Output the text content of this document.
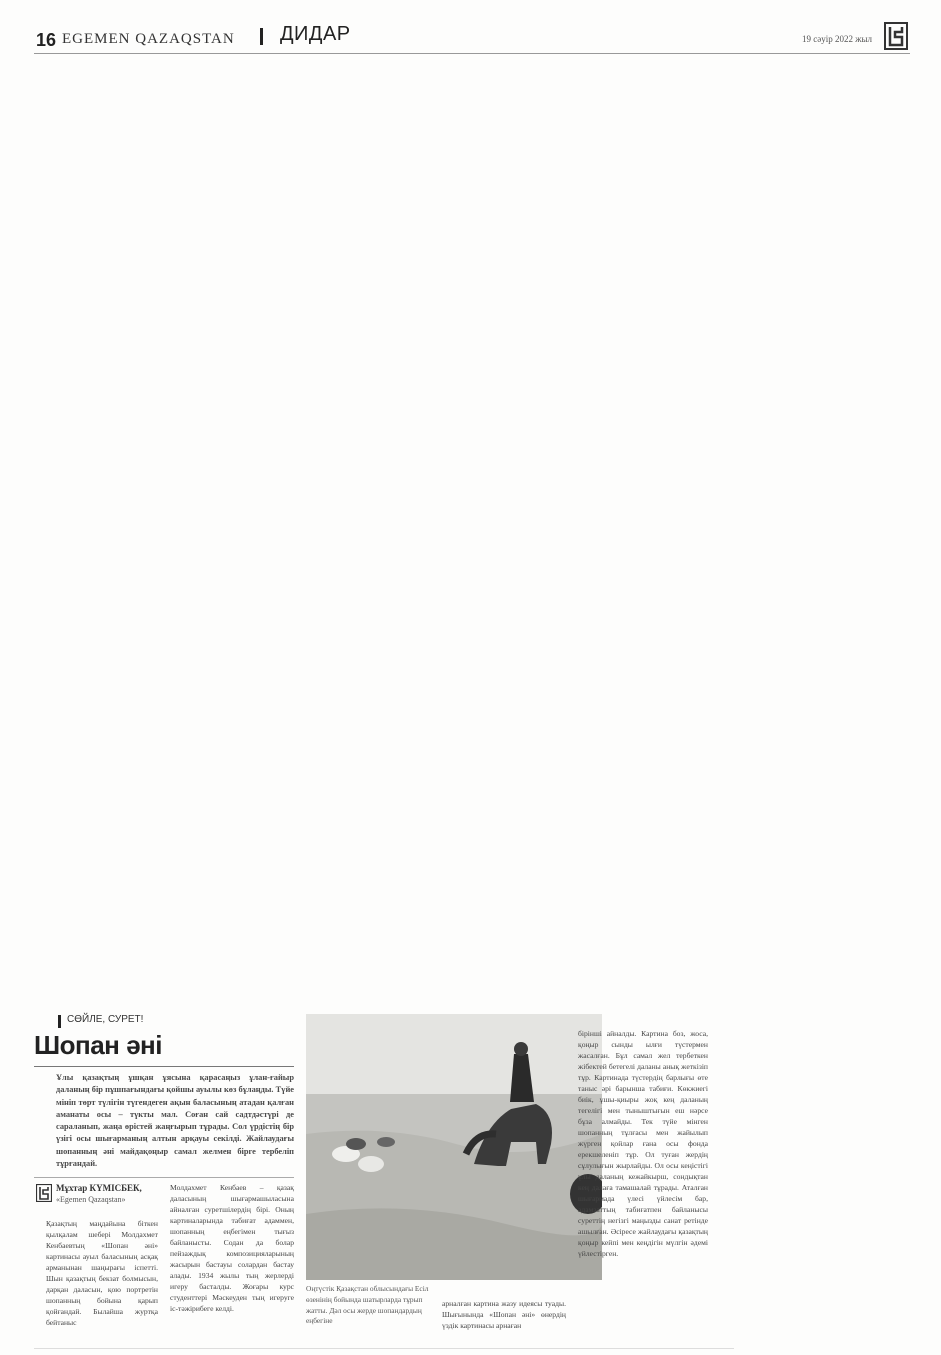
16 EGEMEN QAZAQSTAN ДИДАР	19 сәуір 2022 жыл
СӨЙЛЕ, СУРЕТ!
Шопан әні

Ұлы қазақтың ұшқан ұясына қарасаңыз ұлан-ғайыр даланың бір пұшпағындағы қойшы ауылы көз бұлаңды. Түйе мініп төрт түлігін түгендеген ақын баласының атадан қалған аманаты осы – түкты мал. Соған сай садтдәстүрі де сараланып, жаңа өрістей жаңғырып тұрады. Сол үрдістің бір үзігі осы шығарманың алтын арқауы секілді. Жайлаудағы шопанның әні майдақоңыр самал желмен бірге тербеліп тұрғандай.

Мұхтар КҮМІСБЕК,
«Egemen Qazaqstan»

Қазақтың маңдайына біткен қылқалам шебері Молдахмет Кенбаевтың «Шопан әні» картинасы ауыл баласының асқақ арманынан шаңырағы іспетті. Шын қазақтың бекзат болмысын, дарқан даласын, қою портретін шопанның бойына қарып қойғандай. Былайша журтқа бейтаныс

Молдахмет Кенбаев – қазақ даласының шығармашыласына айналған суретшілердің бірі. Оның картиналарында табиғат адаммен, шопанның еңбегімен тығыз байланысты. Содан да болар пейзаждық композицияларының жасырын бастауы солардан бастау алады. 1934 жылы тың жерлерді игеру басталды. Жоғары курс студенттері Мәскеуден тың игеруге іс-тәжірибеге келді.

Оңтүстік Қазақстан облысындағы Есіл өзенінің бойында шатырларда тұрып жатты. Дәл осы жерде шопандардың еңбегіне

арналған картина жазу идеясы туады. Шығынында «Шопан әні» өнердің үздік картинасы арнаған

бірінші айналды. Картина боз, жоса, қоңыр сынды ылғи түстермен жасалған. Бұл самал жел тербеткен жібектей бетегелі даланы анық жеткізіп тұр. Картинада түстердің барлығы өте таныс әрі барынша табиғи. Көкжиегі биік, ұшы-қиыры жоқ кең даланың тегелігі мен тыныштығын еш нәрсе бұза алмайды. Тек түйе мінген шопанның тұлғасы мен жайылып жүрген қойлар ғана осы фонда ерекшеленіп тұр. Ол туған жердің сұлулығын жырлайды. Ол осы кеңістігі ұлы даланың кежайкырш, сондықтан кең далаға тамашалай тұрады. Аталған шығармада үлесі үйлесім бар, адамзаттың табиғатпен байланысы суреттің негізгі маңызды санат ретінде ашылған. Әсіресе жайлаудағы қазақтың қоңыр кейпі мен кеңдігін мүлгін әдемі үйлестірген.
